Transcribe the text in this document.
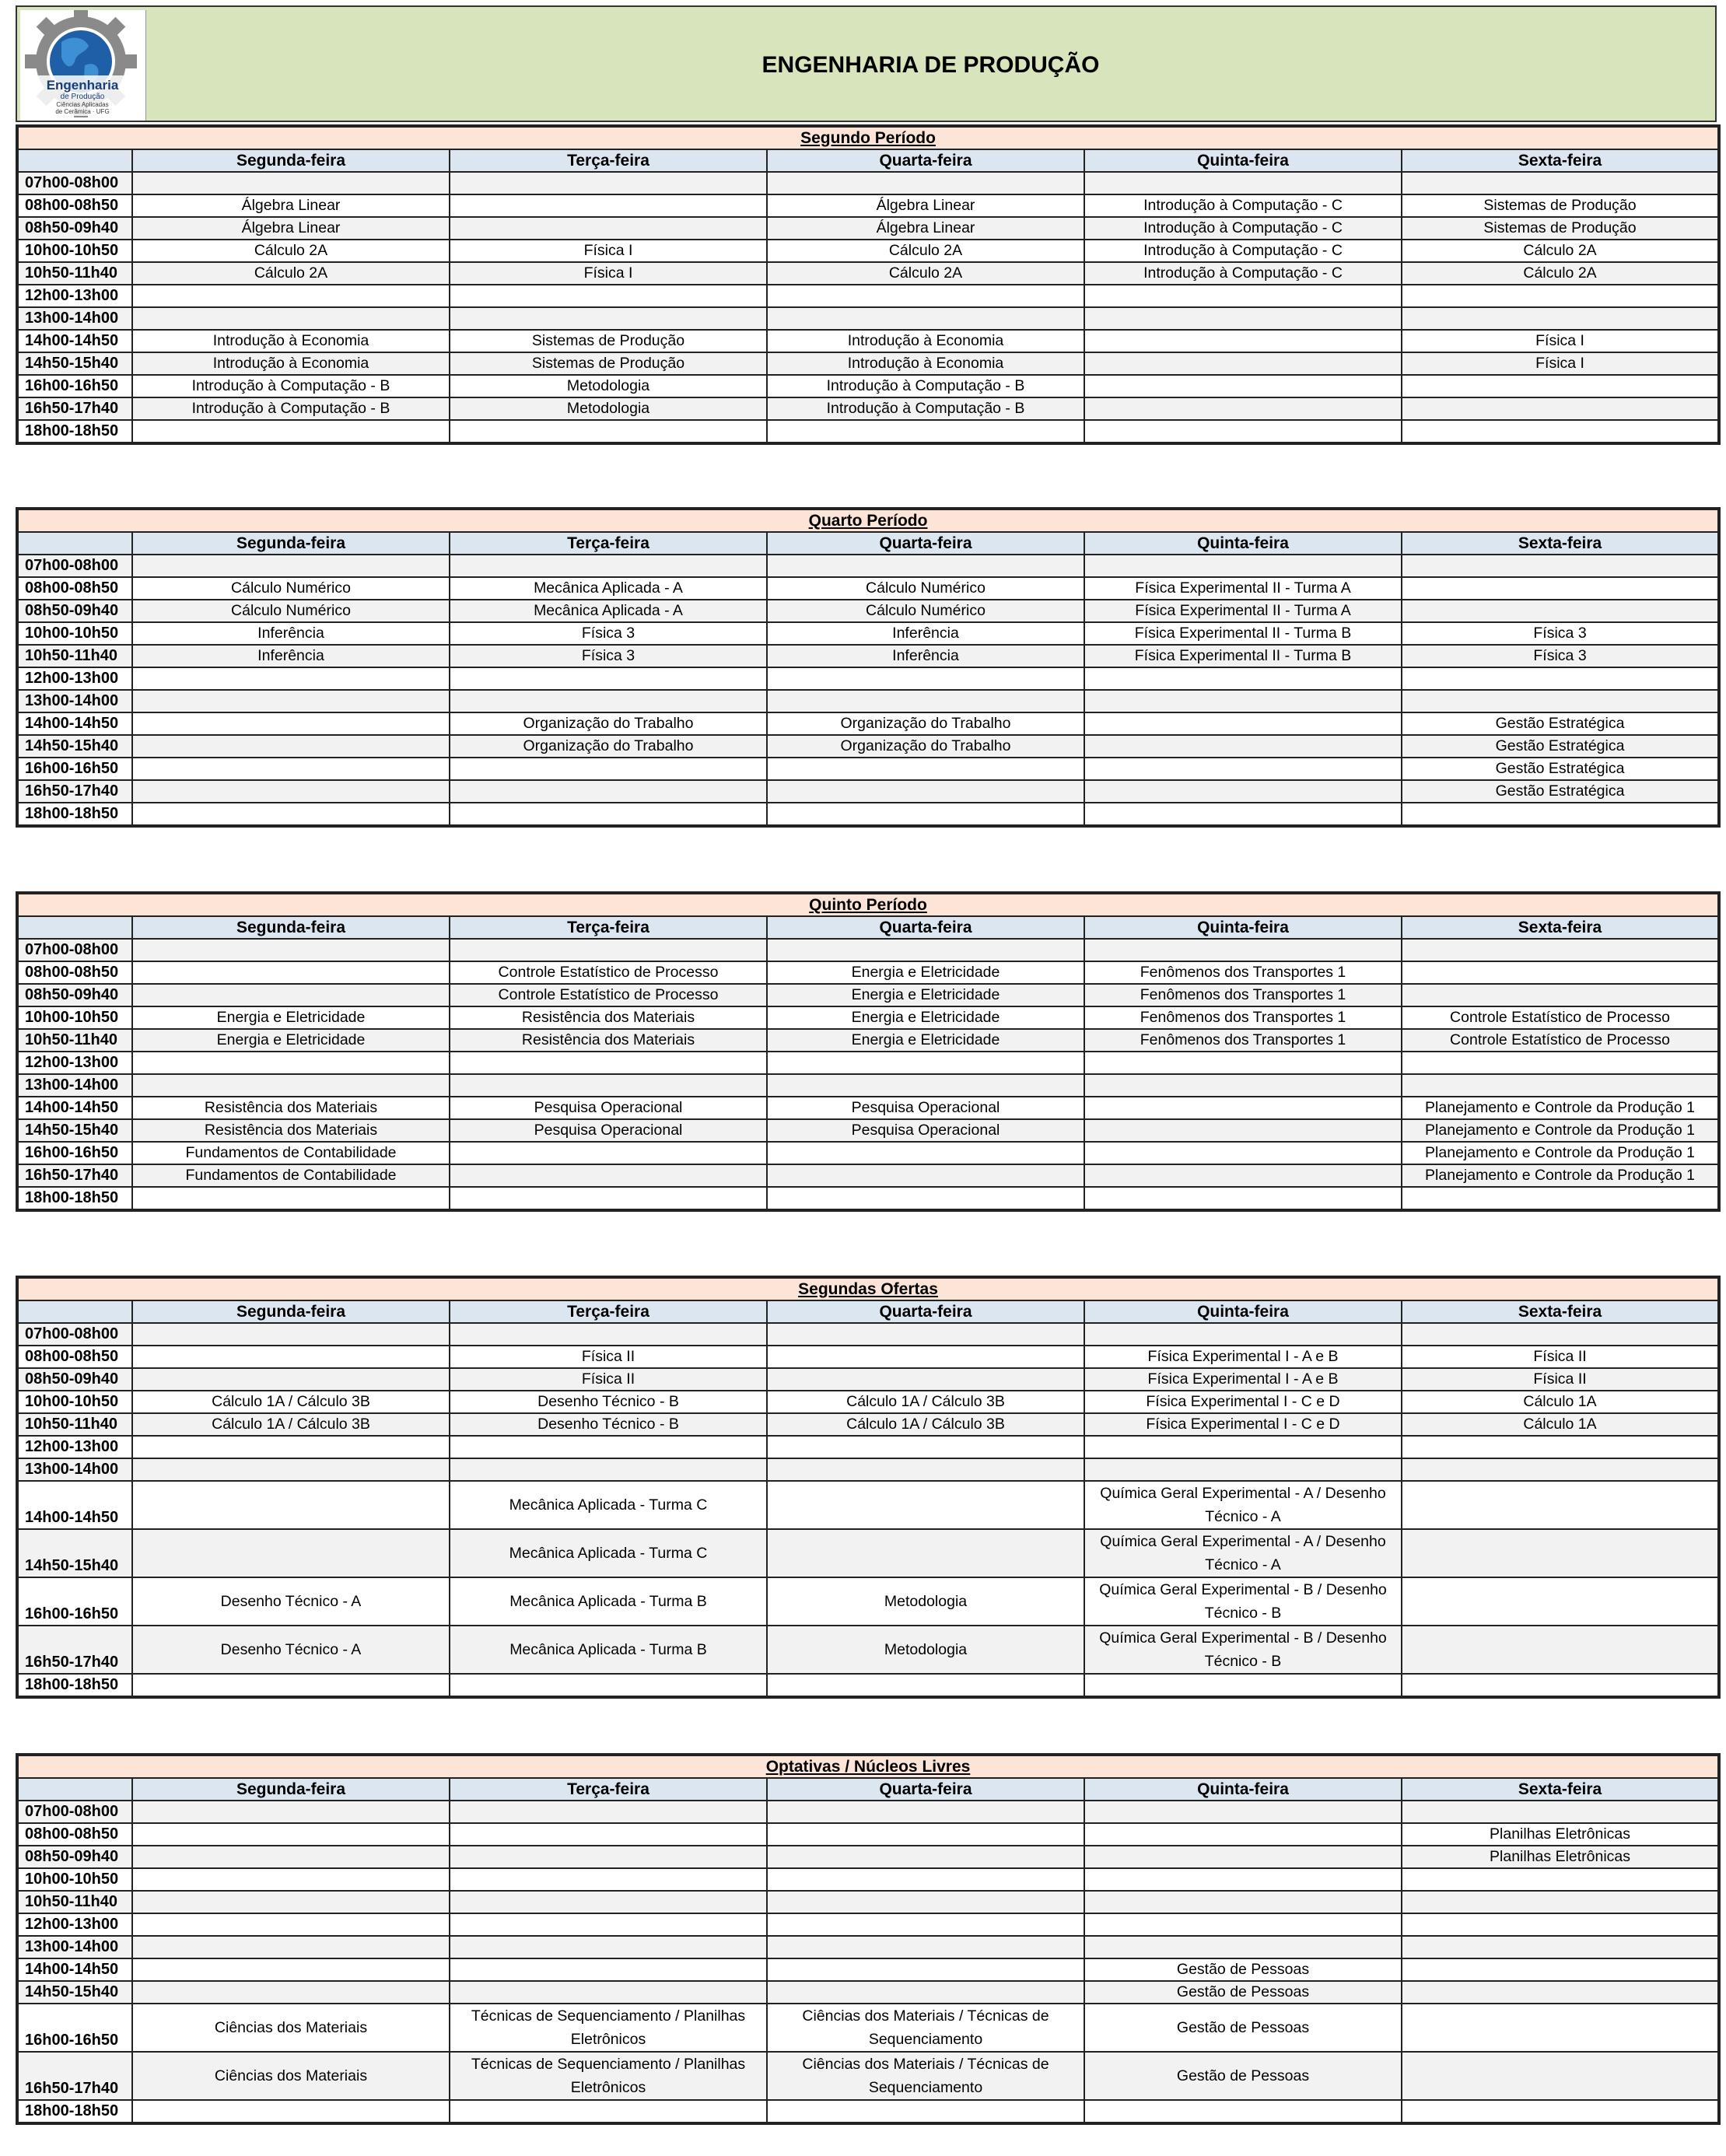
Engenharia
de Produção
Ciências Aplicadas
de Cerâmica · UFG
ENGENHARIA DE PRODUÇÃO
Segundo Período					
	Segunda-feira	Terça-feira	Quarta-feira	Quinta-feira	Sexta-feira
07h00-08h00					
08h00-08h50	Álgebra Linear		Álgebra Linear	Introdução à Computação - C	Sistemas de Produção
08h50-09h40	Álgebra Linear		Álgebra Linear	Introdução à Computação - C	Sistemas de Produção
10h00-10h50	Cálculo 2A	Física I	Cálculo 2A	Introdução à Computação - C	Cálculo 2A
10h50-11h40	Cálculo 2A	Física I	Cálculo 2A	Introdução à Computação - C	Cálculo 2A
12h00-13h00					
13h00-14h00					
14h00-14h50	Introdução à Economia	Sistemas de Produção	Introdução à Economia		Física I
14h50-15h40	Introdução à Economia	Sistemas de Produção	Introdução à Economia		Física I
16h00-16h50	Introdução à Computação - B	Metodologia	Introdução à Computação - B		
16h50-17h40	Introdução à Computação - B	Metodologia	Introdução à Computação - B		
18h00-18h50					
Quarto Período					
	Segunda-feira	Terça-feira	Quarta-feira	Quinta-feira	Sexta-feira
07h00-08h00					
08h00-08h50	Cálculo Numérico	Mecânica Aplicada - A	Cálculo Numérico	Física Experimental II - Turma A	
08h50-09h40	Cálculo Numérico	Mecânica Aplicada - A	Cálculo Numérico	Física Experimental II - Turma A	
10h00-10h50	Inferência	Física 3	Inferência	Física Experimental II - Turma B	Física 3
10h50-11h40	Inferência	Física 3	Inferência	Física Experimental II - Turma B	Física 3
12h00-13h00					
13h00-14h00					
14h00-14h50		Organização do Trabalho	Organização do Trabalho		Gestão Estratégica
14h50-15h40		Organização do Trabalho	Organização do Trabalho		Gestão Estratégica
16h00-16h50					Gestão Estratégica
16h50-17h40					Gestão Estratégica
18h00-18h50					
Quinto Período					
	Segunda-feira	Terça-feira	Quarta-feira	Quinta-feira	Sexta-feira
07h00-08h00					
08h00-08h50		Controle Estatístico de Processo	Energia e Eletricidade	Fenômenos dos Transportes 1	
08h50-09h40		Controle Estatístico de Processo	Energia e Eletricidade	Fenômenos dos Transportes 1	
10h00-10h50	Energia e Eletricidade	Resistência dos Materiais	Energia e Eletricidade	Fenômenos dos Transportes 1	Controle Estatístico de Processo
10h50-11h40	Energia e Eletricidade	Resistência dos Materiais	Energia e Eletricidade	Fenômenos dos Transportes 1	Controle Estatístico de Processo
12h00-13h00					
13h00-14h00					
14h00-14h50	Resistência dos Materiais	Pesquisa Operacional	Pesquisa Operacional		Planejamento e Controle da Produção 1
14h50-15h40	Resistência dos Materiais	Pesquisa Operacional	Pesquisa Operacional		Planejamento e Controle da Produção 1
16h00-16h50	Fundamentos de Contabilidade				Planejamento e Controle da Produção 1
16h50-17h40	Fundamentos de Contabilidade				Planejamento e Controle da Produção 1
18h00-18h50					
Segundas Ofertas					
	Segunda-feira	Terça-feira	Quarta-feira	Quinta-feira	Sexta-feira
07h00-08h00					
08h00-08h50		Física II		Física Experimental I - A e B	Física II
08h50-09h40		Física II		Física Experimental I - A e B	Física II
10h00-10h50	Cálculo 1A / Cálculo 3B	Desenho Técnico - B	Cálculo 1A / Cálculo 3B	Física Experimental I - C e D	Cálculo 1A
10h50-11h40	Cálculo 1A / Cálculo 3B	Desenho Técnico - B	Cálculo 1A / Cálculo 3B	Física Experimental I - C e D	Cálculo 1A
12h00-13h00					
13h00-14h00					
14h00-14h50		Mecânica Aplicada - Turma C		Química Geral Experimental - A / Desenho Técnico - A	
14h50-15h40		Mecânica Aplicada - Turma C		Química Geral Experimental - A / Desenho Técnico - A	
16h00-16h50	Desenho Técnico - A	Mecânica Aplicada - Turma B	Metodologia	Química Geral Experimental - B / Desenho Técnico - B	
16h50-17h40	Desenho Técnico - A	Mecânica Aplicada - Turma B	Metodologia	Química Geral Experimental - B / Desenho Técnico - B	
18h00-18h50					
Optativas / Núcleos Livres					
	Segunda-feira	Terça-feira	Quarta-feira	Quinta-feira	Sexta-feira
07h00-08h00					
08h00-08h50					Planilhas Eletrônicas
08h50-09h40					Planilhas Eletrônicas
10h00-10h50					
10h50-11h40					
12h00-13h00					
13h00-14h00					
14h00-14h50				Gestão de Pessoas	
14h50-15h40				Gestão de Pessoas	
16h00-16h50	Ciências dos Materiais	Técnicas de Sequenciamento / Planilhas Eletrônicos	Ciências dos Materiais / Técnicas de Sequenciamento	Gestão de Pessoas	
16h50-17h40	Ciências dos Materiais	Técnicas de Sequenciamento / Planilhas Eletrônicos	Ciências dos Materiais / Técnicas de Sequenciamento	Gestão de Pessoas	
18h00-18h50					
